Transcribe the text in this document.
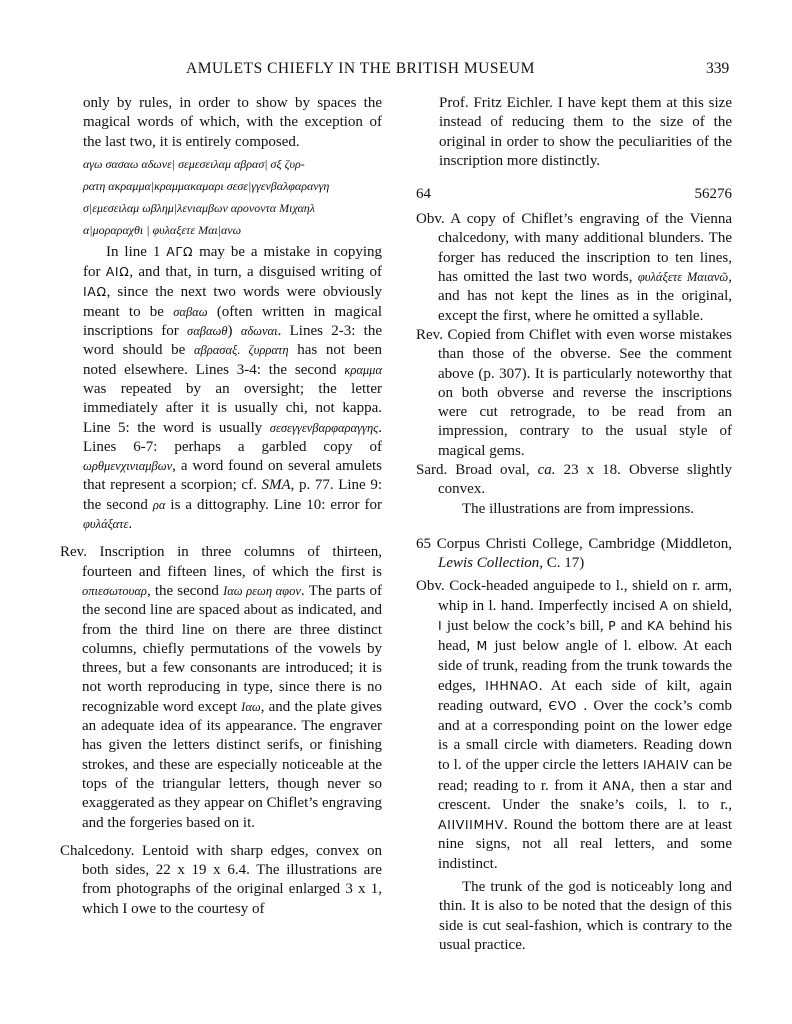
AMULETS CHIEFLY IN THE BRITISH MUSEUM	339

only by rules, in order to show by spaces the magical words of which, with the exception of the last two, it is entirely composed.

αγω σασαω αδωνε| σεμεσειλαμ αβρασ| σξ ζυρ-
ρατη ακραμμα|κραμμακαμαρι σεσε|γγενβαλφαρανγη
σ|εμεσειλαμ ωβλημ|λενιαμβων αρονοντα Μιχαηλ
α|μοραραχθι | φυλαξετε Μαι|ανω

In line 1 ΑΓΩ may be a mistake in copying for ΑΙΩ, and that, in turn, a disguised writing of ΙΑΩ, since the next two words were obviously meant to be σαβαω (often written in magical inscriptions for σαβαωθ) αδωναι. Lines 2-3: the word should be αβρασαξ. ζυρρατη has not been noted elsewhere. Lines 3-4: the second κραμμα was repeated by an oversight; the letter immediately after it is usually chi, not kappa. Line 5: the word is usually σεσεγγενβαρφαραγγης. Lines 6-7: perhaps a garbled copy of ωρθμενχινιαμβων, a word found on several amulets that represent a scorpion; cf. SMA, p. 77. Line 9: the second ρα is a dittography. Line 10: error for φυλάξατε.

Rev. Inscription in three columns of thirteen, fourteen and fifteen lines, of which the first is οπιεσωτουαρ, the second Ιαω ρεωη αφον. The parts of the second line are spaced about as indicated, and from the third line on there are three distinct columns, chiefly permutations of the vowels by threes, but a few consonants are introduced; it is not worth reproducing in type, since there is no recognizable word except Ιαω, and the plate gives an adequate idea of its appearance. The engraver has given the letters distinct serifs, or finishing strokes, and these are especially noticeable at the tops of the triangular letters, though never so exaggerated as they appear on Chiflet’s engraving and the forgeries based on it.

Chalcedony. Lentoid with sharp edges, convex on both sides, 22 x 19 x 6.4. The illustrations are from photographs of the original enlarged 3 x 1, which I owe to the courtesy of

Prof. Fritz Eichler. I have kept them at this size instead of reducing them to the size of the original in order to show the peculiarities of the inscription more distinctly.

64	56276

Obv. A copy of Chiflet’s engraving of the Vienna chalcedony, with many additional blunders. The forger has reduced the inscription to ten lines, has omitted the last two words, φυλάξετε Μαιανῶ, and has not kept the lines as in the original, except the first, where he omitted a syllable.

Rev. Copied from Chiflet with even worse mistakes than those of the obverse. See the comment above (p. 307). It is particularly noteworthy that on both obverse and reverse the inscriptions were cut retrograde, to be read from an impression, contrary to the usual style of magical gems.

Sard. Broad oval, ca. 23 x 18. Obverse slightly convex.

The illustrations are from impressions.

65 Corpus Christi College, Cambridge (Middleton, Lewis Collection, C. 17)

Obv. Cock-headed anguipede to l., shield on r. arm, whip in l. hand. Imperfectly incised A on shield, I just below the cock’s bill, P and KA behind his head, M just below angle of l. elbow. At each side of trunk, reading from the trunk towards the edges, IHHNAO. At each side of kilt, again reading outward, ЄVO . Over the cock’s comb and at a corresponding point on the lower edge is a small circle with diameters. Reading down to l. of the upper circle the letters IAHAIV can be read; reading to r. from it ANA, then a star and crescent. Under the snake’s coils, l. to r., AIIVIIMHV. Round the bottom there are at least nine signs, not all real letters, and some indistinct.

The trunk of the god is noticeably long and thin. It is also to be noted that the design of this side is cut seal-fashion, which is contrary to the usual practice.
